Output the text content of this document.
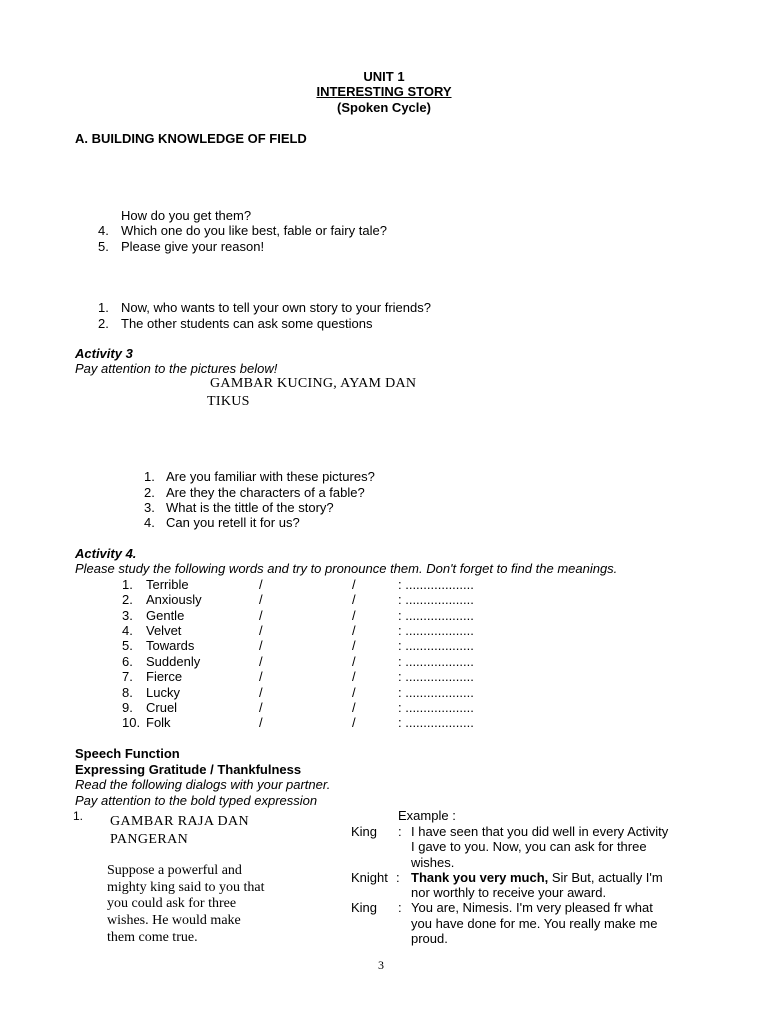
UNIT 1
INTERESTING STORY
(Spoken Cycle)
A. BUILDING KNOWLEDGE OF FIELD
How do you get them?
4. Which one do you like best, fable or fairy tale?
5. Please give your reason!
1. Now, who wants to tell your own story to your friends?
2. The other students can ask some questions
Activity 3
Pay attention to the pictures below!
GAMBAR KUCING, AYAM DAN
TIKUS
1. Are you familiar with these pictures?
2. Are they the characters of a fable?
3. What is the tittle of the story?
4. Can you retell it for us?
Activity 4.
Please study the following words and try to pronounce them. Don't forget to find the meanings.
1. Terrible	/	/	: ...................
2. Anxiously	/	/	: ...................
3. Gentle	/	/	: ...................
4. Velvet	/	/	: ...................
5. Towards	/	/	: ...................
6. Suddenly	/	/	: ...................
7. Fierce	/	/	: ...................
8. Lucky	/	/	: ...................
9. Cruel	/	/	: ...................
10. Folk	/	/	: ...................
Speech Function
Expressing Gratitude / Thankfulness
Read the following dialogs with your partner.
Pay attention to the bold typed expression
1. GAMBAR RAJA DAN
PANGERAN
Suppose a powerful and
mighty king said to you that
you could ask for three
wishes. He would make
them come true.
Example :
King : I have seen that you did well in every Activity
I gave to you. Now, you can ask for three
wishes.
Knight : Thank you very much, Sir But, actually I'm
nor worthly to receive your award.
King : You are, Nimesis. I'm very pleased fr what
you have done for me. You really make me
proud.
3
